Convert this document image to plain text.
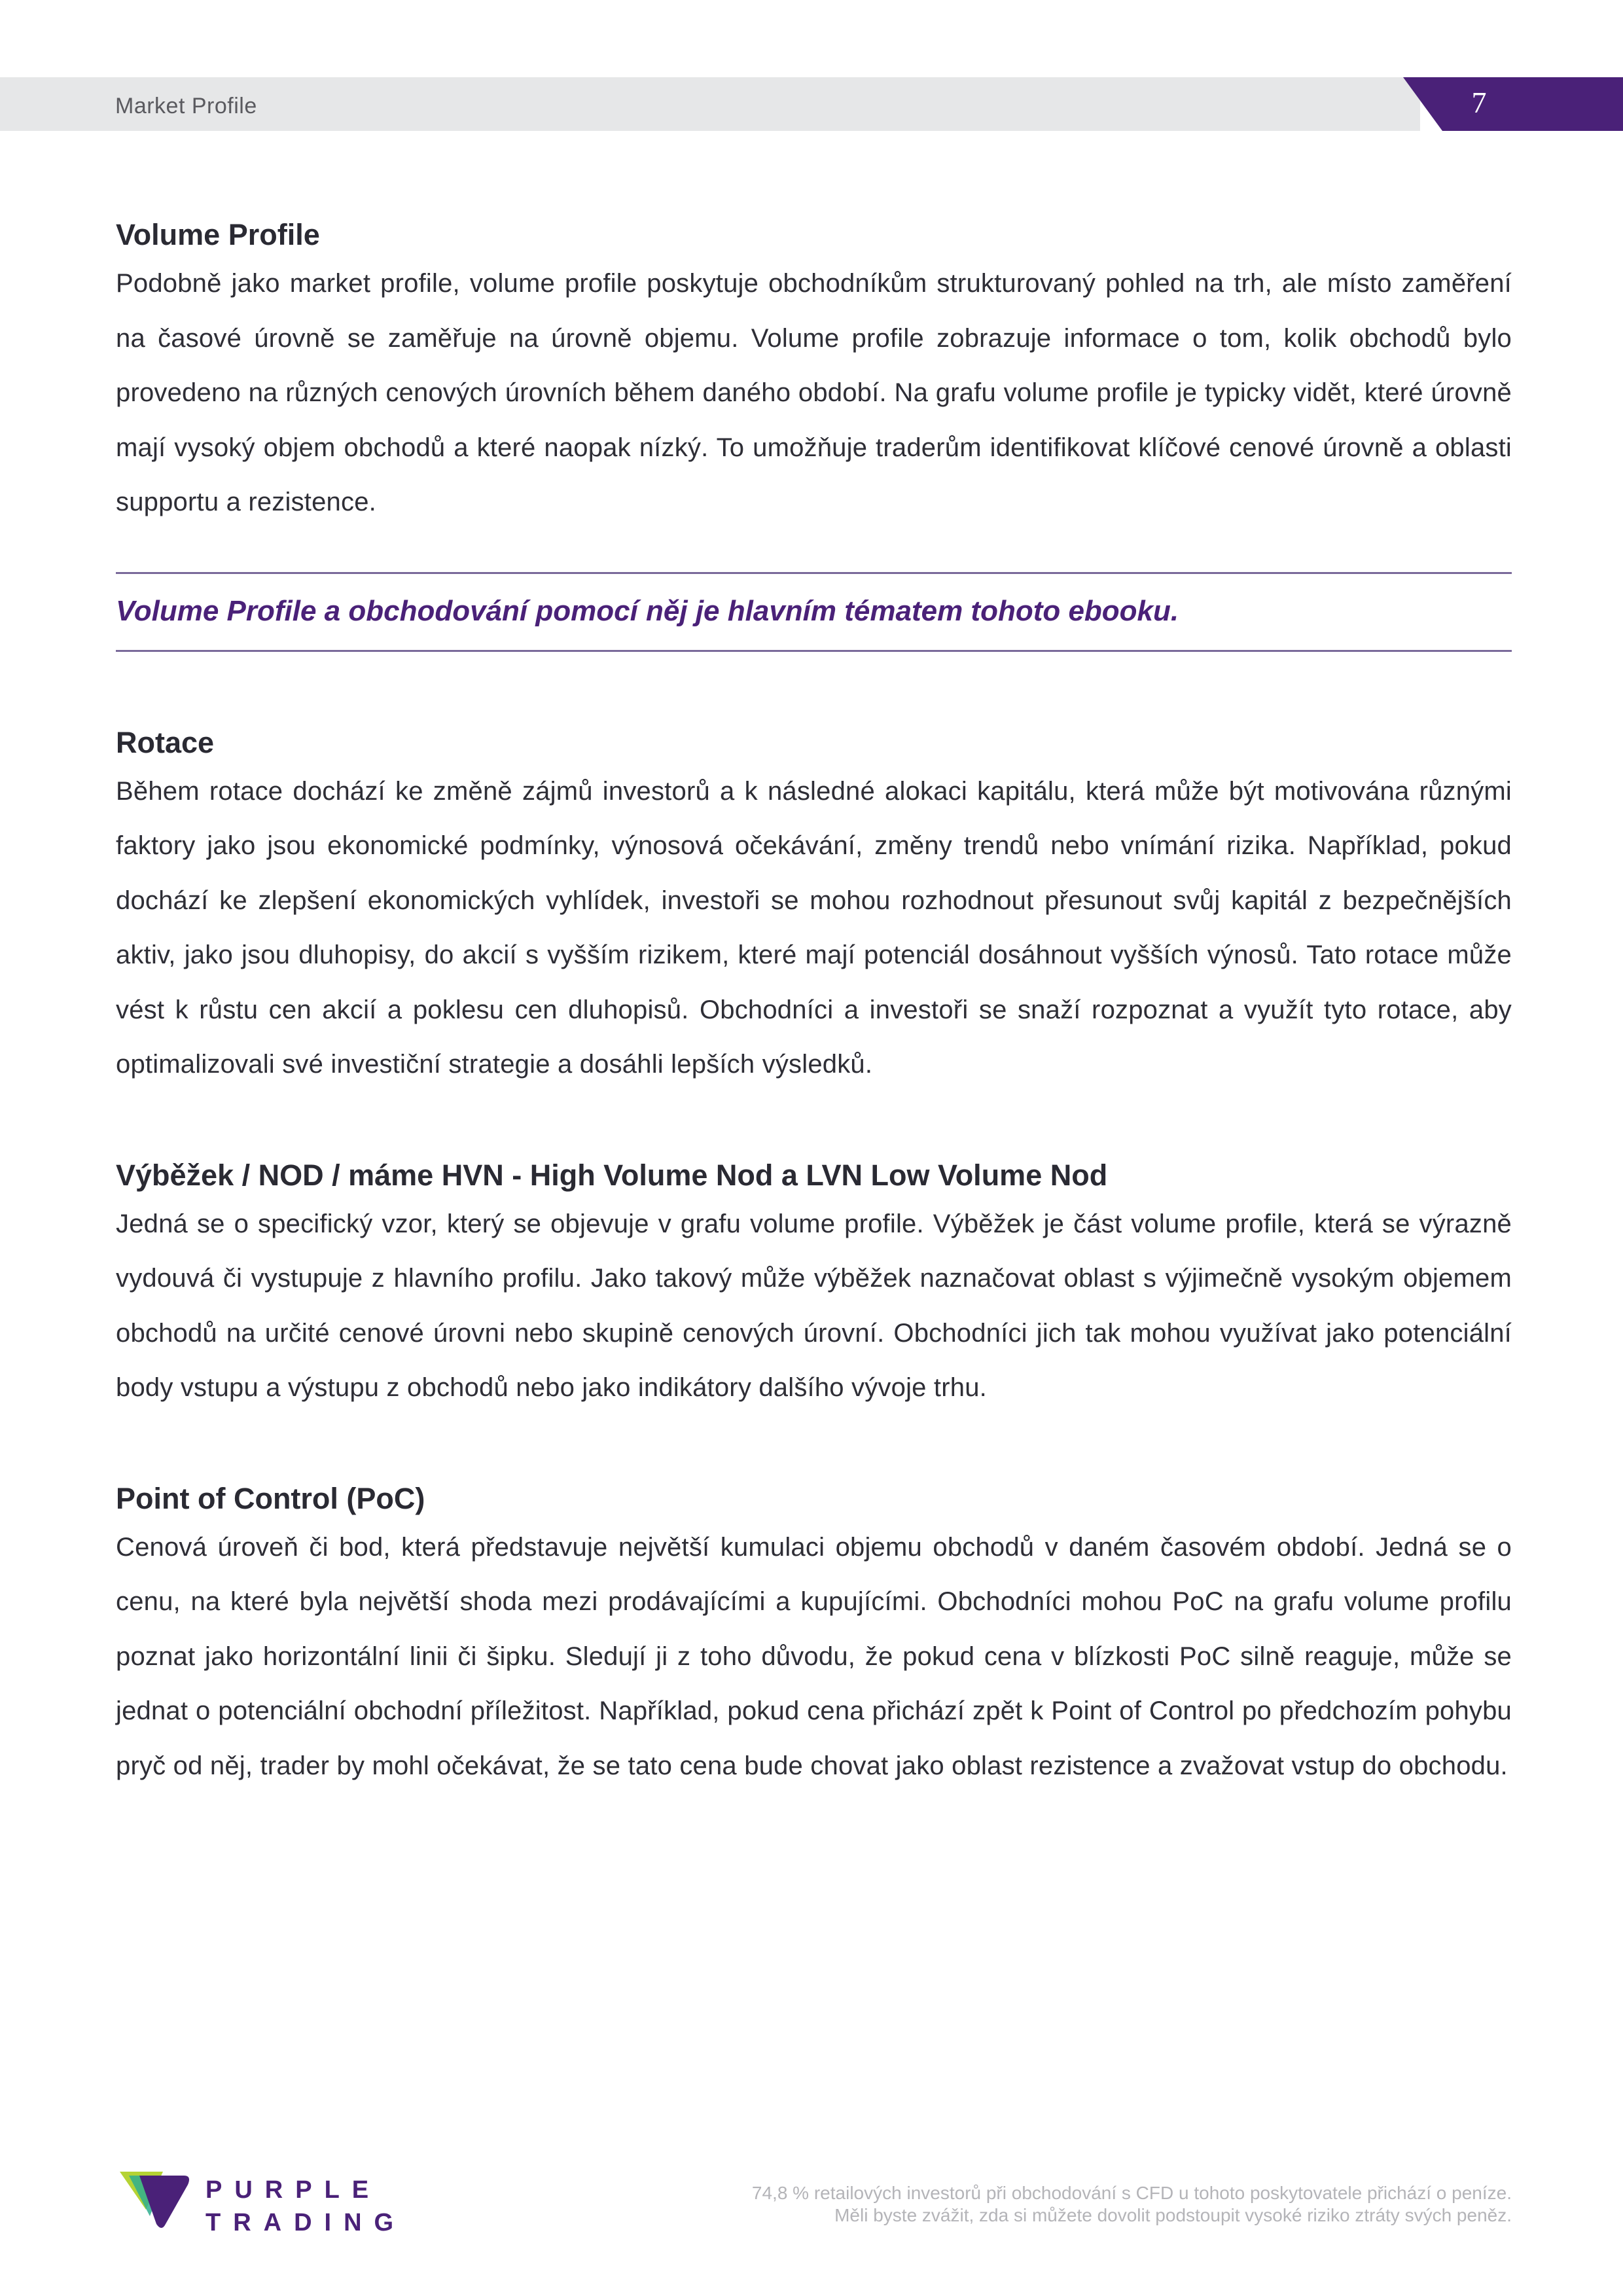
Market Profile	7
Volume Profile

Podobně jako market profile, volume profile poskytuje obchodníkům strukturovaný pohled na trh, ale místo zaměření na časové úrovně se zaměřuje na úrovně objemu. Volume profile zobrazuje informace o tom, kolik obchodů bylo provedeno na různých cenových úrovních během daného období. Na grafu volume profile je typicky vidět, které úrovně mají vysoký objem obchodů a které naopak nízký. To umožňuje traderům identifikovat klíčové cenové úrovně a oblasti supportu a rezistence.

Volume Profile a obchodování pomocí něj je hlavním tématem tohoto ebooku.

Rotace

Během rotace dochází ke změně zájmů investorů a k následné alokaci kapitálu, která může být motivována různými faktory jako jsou ekonomické podmínky, výnosová očekávání, změny trendů nebo vnímání rizika. Například, pokud dochází ke zlepšení ekonomických vyhlídek, investoři se mohou rozhodnout přesunout svůj kapitál z bezpečnějších aktiv, jako jsou dluhopisy, do akcií s vyšším rizikem, které mají potenciál dosáhnout vyšších výnosů. Tato rotace může vést k růstu cen akcií a poklesu cen dluhopisů. Obchodníci a investoři se snaží rozpoznat a využít tyto rotace, aby optimalizovali své investiční strategie a dosáhli lepších výsledků.

Výběžek / NOD / máme HVN - High Volume Nod a LVN Low Volume Nod

Jedná se o specifický vzor, který se objevuje v grafu volume profile. Výběžek je část volume profile, která se výrazně vydouvá či vystupuje z hlavního profilu. Jako takový může výběžek naznačovat oblast s výjimečně vysokým objemem obchodů na určité cenové úrovni nebo skupině cenových úrovní. Obchodníci jich tak mohou využívat jako potenciální body vstupu a výstupu z obchodů nebo jako indikátory dalšího vývoje trhu.

Point of Control (PoC)

Cenová úroveň či bod, která představuje největší kumulaci objemu obchodů v daném časovém období. Jedná se o cenu, na které byla největší shoda mezi prodávajícími a kupujícími. Obchodníci mohou PoC na grafu volume profilu poznat jako horizontální linii či šipku. Sledují ji z toho důvodu, že pokud cena v blízkosti PoC silně reaguje, může se jednat o potenciální obchodní příležitost. Například, pokud cena přichází zpět k Point of Control po předchozím pohybu pryč od něj, trader by mohl očekávat, že se tato cena bude chovat jako oblast rezistence a zvažovat vstup do obchodu.

PURPLE
TRADING
74,8 % retailových investorů při obchodování s CFD u tohoto poskytovatele přichází o peníze.
Měli byste zvážit, zda si můžete dovolit podstoupit vysoké riziko ztráty svých peněz.
